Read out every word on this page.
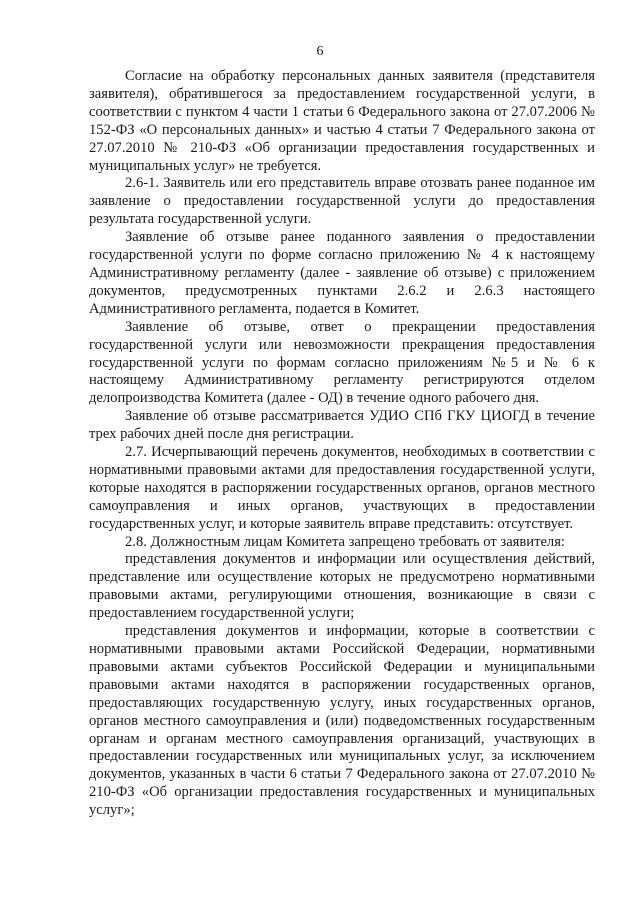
6

Согласие на обработку персональных данных заявителя (представителя заявителя), обратившегося за предоставлением государственной услуги, в соответствии с пунктом 4 части 1 статьи 6 Федерального закона от 27.07.2006 № 152-ФЗ «О персональных данных» и частью 4 статьи 7 Федерального закона от 27.07.2010 № 210-ФЗ «Об организации предоставления государственных и муниципальных услуг» не требуется.

2.6-1. Заявитель или его представитель вправе отозвать ранее поданное им заявление о предоставлении государственной услуги до предоставления результата государственной услуги.

Заявление об отзыве ранее поданного заявления о предоставлении государственной услуги по форме согласно приложению № 4 к настоящему Административному регламенту (далее - заявление об отзыве) с приложением документов, предусмотренных пунктами 2.6.2 и 2.6.3 настоящего Административного регламента, подается в Комитет.

Заявление об отзыве, ответ о прекращении предоставления государственной услуги или невозможности прекращения предоставления государственной услуги по формам согласно приложениям №5 и № 6 к настоящему Административному регламенту регистрируются отделом делопроизводства Комитета (далее - ОД) в течение одного рабочего дня.

Заявление об отзыве рассматривается УДИО СПб ГКУ ЦИОГД в течение трех рабочих дней после дня регистрации.

2.7. Исчерпывающий перечень документов, необходимых в соответствии с нормативными правовыми актами для предоставления государственной услуги, которые находятся в распоряжении государственных органов, органов местного самоуправления и иных органов, участвующих в предоставлении государственных услуг, и которые заявитель вправе представить: отсутствует.

2.8. Должностным лицам Комитета запрещено требовать от заявителя:

представления документов и информации или осуществления действий, представление или осуществление которых не предусмотрено нормативными правовыми актами, регулирующими отношения, возникающие в связи с предоставлением государственной услуги;

представления документов и информации, которые в соответствии с нормативными правовыми актами Российской Федерации, нормативными правовыми актами субъектов Российской Федерации и муниципальными правовыми актами находятся в распоряжении государственных органов, предоставляющих государственную услугу, иных государственных органов, органов местного самоуправления и (или) подведомственных государственным органам и органам местного самоуправления организаций, участвующих в предоставлении государственных или муниципальных услуг, за исключением документов, указанных в части 6 статьи 7 Федерального закона от 27.07.2010 № 210-ФЗ «Об организации предоставления государственных и муниципальных услуг»;
